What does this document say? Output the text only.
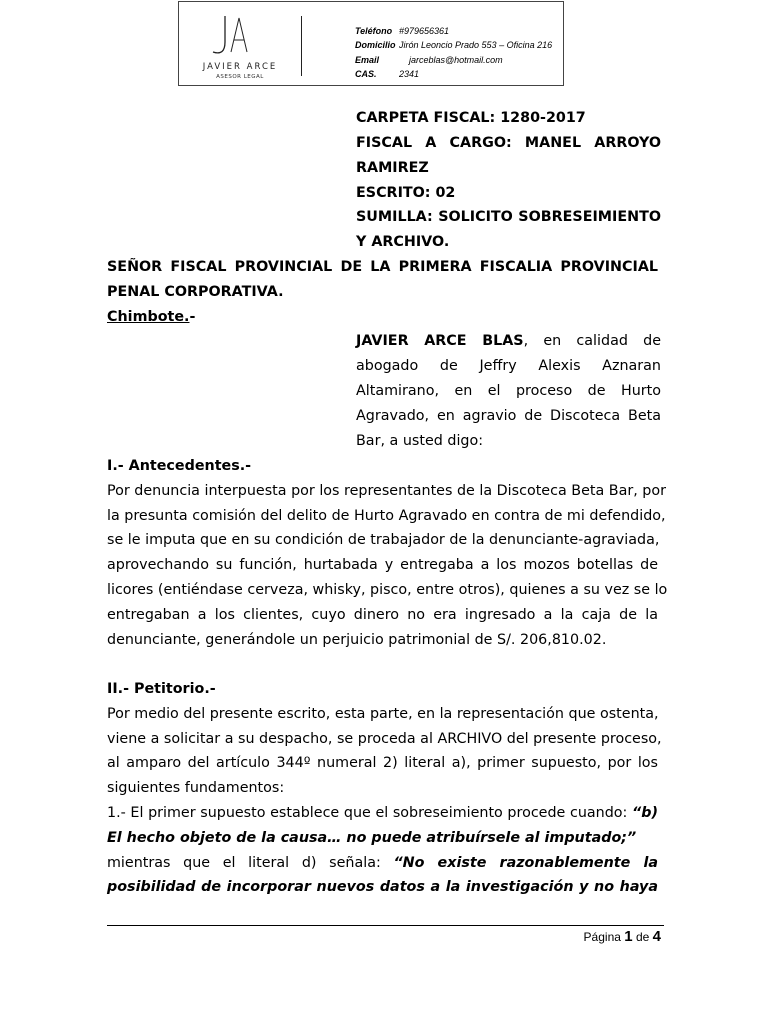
JAVIER ARCE
ASESOR LEGAL
Teléfono #979656361
Domicilio Jirón Leoncio Prado 553 – Oficina 216
Email	jarceblas@hotmail.com
CAS. 2341
CARPETA FISCAL: 1280-2017
FISCAL A CARGO: MANEL ARROYO
RAMIREZ
ESCRITO: 02
SUMILLA: SOLICITO SOBRESEIMIENTO
Y ARCHIVO.
SEÑOR FISCAL PROVINCIAL DE LA PRIMERA FISCALIA PROVINCIAL
PENAL CORPORATIVA.
Chimbote.-
JAVIER ARCE BLAS, en calidad de
abogado de Jeffry Alexis Aznaran
Altamirano, en el proceso de Hurto
Agravado, en agravio de Discoteca Beta
Bar, a usted digo:
I.- Antecedentes.-
Por denuncia interpuesta por los representantes de la Discoteca Beta Bar, por
la presunta comisión del delito de Hurto Agravado en contra de mi defendido,
se le imputa que en su condición de trabajador de la denunciante-agraviada,
aprovechando su función, hurtabada y entregaba a los mozos botellas de
licores (entiéndase cerveza, whisky, pisco, entre otros), quienes a su vez se lo
entregaban a los clientes, cuyo dinero no era ingresado a la caja de la
denunciante, generándole un perjuicio patrimonial de S/. 206,810.02.
II.- Petitorio.-
Por medio del presente escrito, esta parte, en la representación que ostenta,
viene a solicitar a su despacho, se proceda al ARCHIVO del presente proceso,
al amparo del artículo 344º numeral 2) literal a), primer supuesto, por los
siguientes fundamentos:
1.- El primer supuesto establece que el sobreseimiento procede cuando: “b)
El hecho objeto de la causa… no puede atribuírsele al imputado;”
mientras que el literal d) señala: “No existe razonablemente la
posibilidad de incorporar nuevos datos a la investigación y no haya
Página 1 de 4
